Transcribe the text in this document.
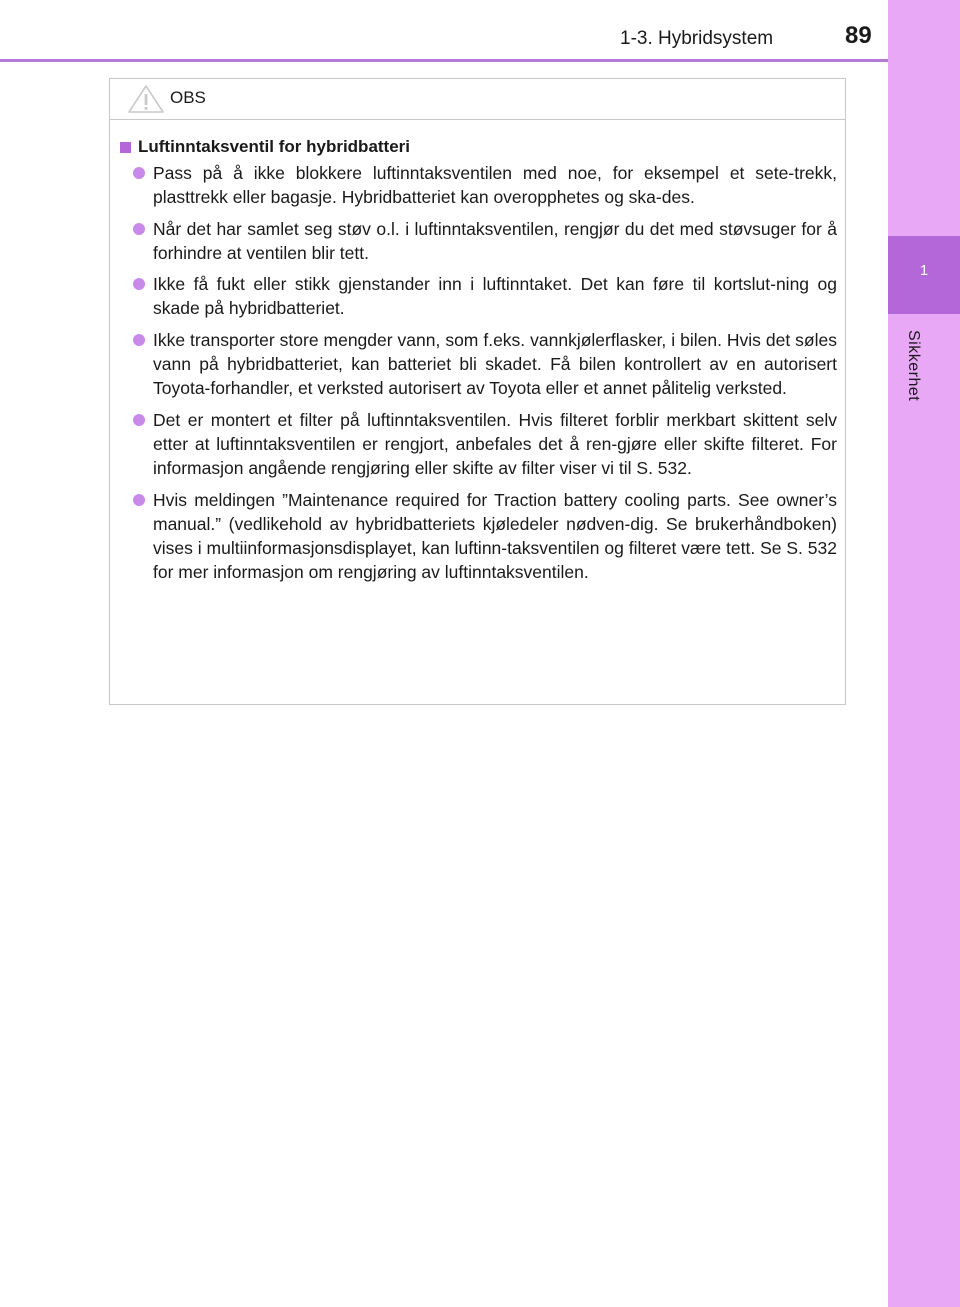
1-3. Hybridsystem	89
1
Sikkerhet
OBS
Luftinntaksventil for hybridbatteri
Pass på å ikke blokkere luftinntaksventilen med noe, for eksempel et sete-trekk, plasttrekk eller bagasje. Hybridbatteriet kan overopphetes og ska-des.
Når det har samlet seg støv o.l. i luftinntaksventilen, rengjør du det med støvsuger for å forhindre at ventilen blir tett.
Ikke få fukt eller stikk gjenstander inn i luftinntaket. Det kan føre til kortslut-ning og skade på hybridbatteriet.
Ikke transporter store mengder vann, som f.eks. vannkjølerflasker, i bilen. Hvis det søles vann på hybridbatteriet, kan batteriet bli skadet. Få bilen kontrollert av en autorisert Toyota-forhandler, et verksted autorisert av Toyota eller et annet pålitelig verksted.
Det er montert et filter på luftinntaksventilen. Hvis filteret forblir merkbart skittent selv etter at luftinntaksventilen er rengjort, anbefales det å ren-gjøre eller skifte filteret. For informasjon angående rengjøring eller skifte av filter viser vi til S. 532.
Hvis meldingen ”Maintenance required for Traction battery cooling parts. See owner’s manual.” (vedlikehold av hybridbatteriets kjøledeler nødven-dig. Se brukerhåndboken) vises i multiinformasjonsdisplayet, kan luftinn-taksventilen og filteret være tett. Se S. 532 for mer informasjon om rengjøring av luftinntaksventilen.
